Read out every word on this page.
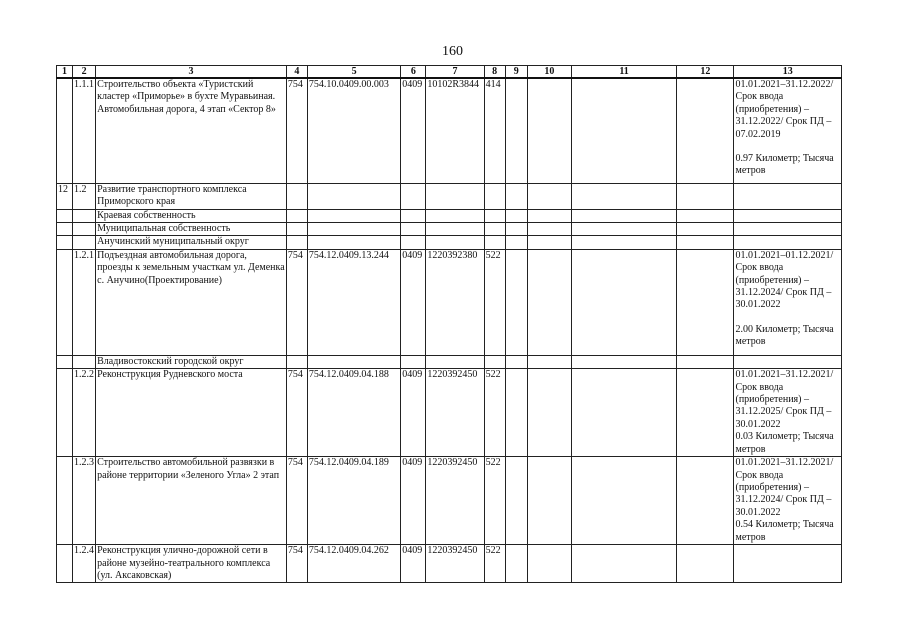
160
1	2	3	4	5	6	7	8	9	10	11	12	13
	1.1.1	Строительство объекта «Туристский кластер «Приморье» в бухте Муравьиная. Автомобильная дорога, 4 этап «Сектор 8»	754	754.10.0409.00.003	0409	10102R3844	414					01.01.2021–31.12.2022/ Срок ввода (приобретения) – 31.12.2022/ Срок ПД – 07.02.2019
0.97 Километр; Тысяча метров

12	1.2	Развитие транспортного комплекса Приморского края										
		Краевая собственность										
		Муниципальная собственность										
		Анучинский муниципальный округ										
	1.2.1	Подъездная автомобильная дорога, проезды к земельным участкам ул. Деменка с. Анучино(Проектирование)	754	754.12.0409.13.244	0409	1220392380	522					01.01.2021–01.12.2021/ Срок ввода (приобретения) – 31.12.2024/ Срок ПД – 30.01.2022
2.00 Километр; Тысяча метров

		Владивостокский городской округ										
	1.2.2	Реконструкция Рудневского моста	754	754.12.0409.04.188	0409	1220392450	522					01.01.2021–31.12.2021/ Срок ввода (приобретения) – 31.12.2025/ Срок ПД – 30.01.2022
0.03 Километр; Тысяча метров

	1.2.3	Строительство автомобильной развязки в районе территории «Зеленого Угла» 2 этап	754	754.12.0409.04.189	0409	1220392450	522					01.01.2021–31.12.2021/ Срок ввода (приобретения) – 31.12.2024/ Срок ПД – 30.01.2022
0.54 Километр; Тысяча метров

	1.2.4	Реконструкция улично-дорожной сети в районе музейно-театрального комплекса (ул. Аксаковская)	754	754.12.0409.04.262	0409	1220392450	522					
